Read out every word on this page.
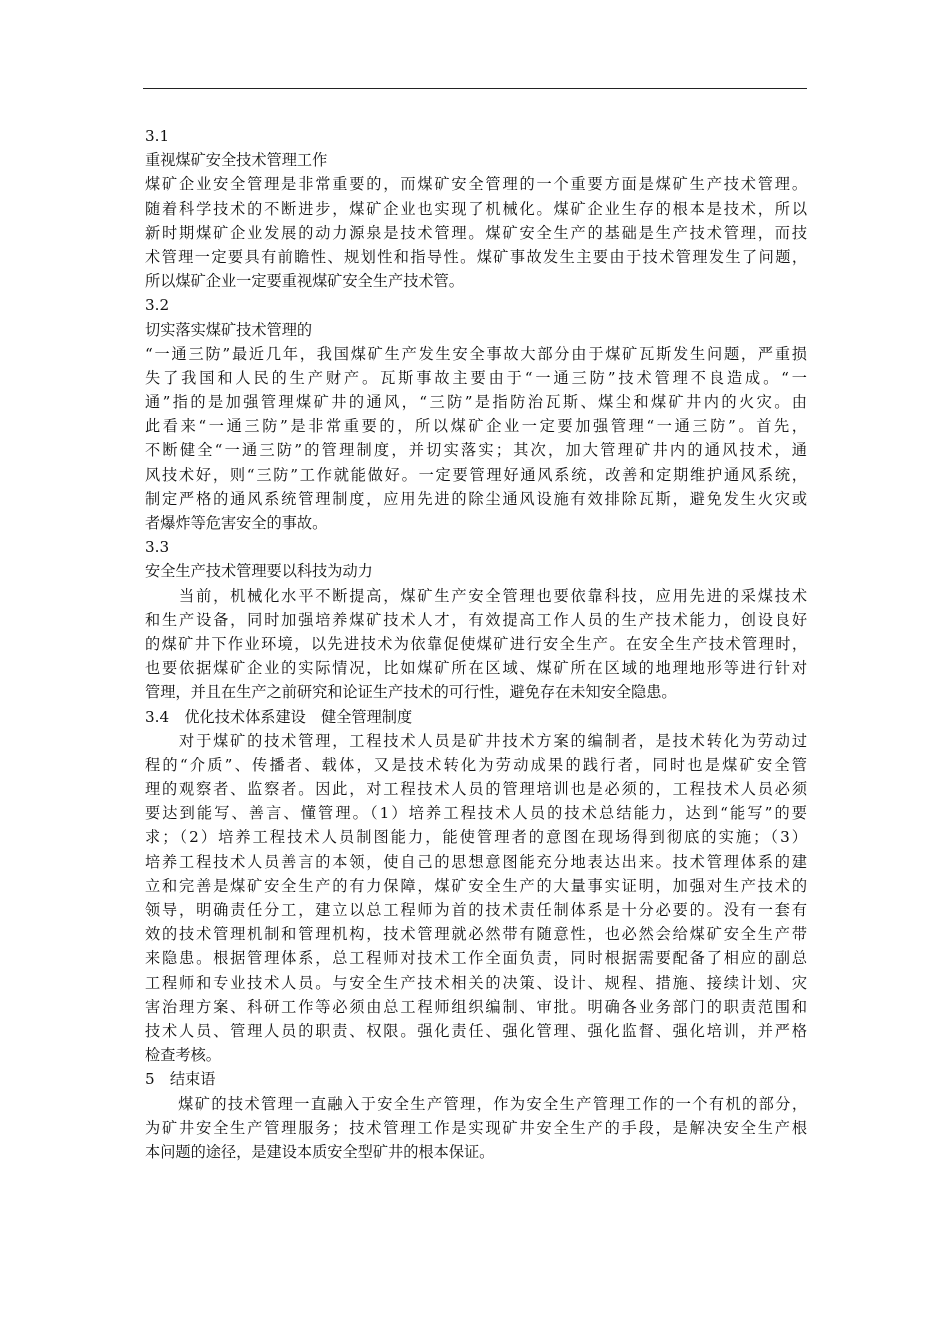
3.1
重视煤矿安全技术管理工作
煤矿企业安全管理是非常重要的，而煤矿安全管理的一个重要方面是煤矿生产技术管理。
随着科学技术的不断进步，煤矿企业也实现了机械化。煤矿企业生存的根本是技术，所以
新时期煤矿企业发展的动力源泉是技术管理。煤矿安全生产的基础是生产技术管理，而技
术管理一定要具有前瞻性、规划性和指导性。煤矿事故发生主要由于技术管理发生了问题，
所以煤矿企业一定要重视煤矿安全生产技术管。
3.2
切实落实煤矿技术管理的
“一通三防”最近几年，我国煤矿生产发生安全事故大部分由于煤矿瓦斯发生问题，严重损
失了我国和人民的生产财产。瓦斯事故主要由于“一通三防”技术管理不良造成。“一
通”指的是加强管理煤矿井的通风，“三防”是指防治瓦斯、煤尘和煤矿井内的火灾。由
此看来“一通三防”是非常重要的，所以煤矿企业一定要加强管理“一通三防”。首先，
不断健全“一通三防”的管理制度，并切实落实；其次，加大管理矿井内的通风技术，通
风技术好，则“三防”工作就能做好。一定要管理好通风系统，改善和定期维护通风系统，
制定严格的通风系统管理制度，应用先进的除尘通风设施有效排除瓦斯，避免发生火灾或
者爆炸等危害安全的事故。
3.3
安全生产技术管理要以科技为动力
　　当前，机械化水平不断提高，煤矿生产安全管理也要依靠科技，应用先进的采煤技术
和生产设备，同时加强培养煤矿技术人才，有效提高工作人员的生产技术能力，创设良好
的煤矿井下作业环境，以先进技术为依靠促使煤矿进行安全生产。在安全生产技术管理时，
也要依据煤矿企业的实际情况，比如煤矿所在区域、煤矿所在区域的地理地形等进行针对
管理，并且在生产之前研究和论证生产技术的可行性，避免存在未知安全隐患。
3.4　优化技术体系建设　健全管理制度
　　对于煤矿的技术管理，工程技术人员是矿井技术方案的编制者，是技术转化为劳动过
程的“介质”、传播者、载体，又是技术转化为劳动成果的践行者，同时也是煤矿安全管
理的观察者、监察者。因此，对工程技术人员的管理培训也是必须的，工程技术人员必须
要达到能写、善言、懂管理。（1）培养工程技术人员的技术总结能力，达到“能写”的要
求；（2）培养工程技术人员制图能力，能使管理者的意图在现场得到彻底的实施；（3）
培养工程技术人员善言的本领，使自己的思想意图能充分地表达出来。技术管理体系的建
立和完善是煤矿安全生产的有力保障，煤矿安全生产的大量事实证明，加强对生产技术的
领导，明确责任分工，建立以总工程师为首的技术责任制体系是十分必要的。没有一套有
效的技术管理机制和管理机构，技术管理就必然带有随意性，也必然会给煤矿安全生产带
来隐患。根据管理体系，总工程师对技术工作全面负责，同时根据需要配备了相应的副总
工程师和专业技术人员。与安全生产技术相关的决策、设计、规程、措施、接续计划、灾
害治理方案、科研工作等必须由总工程师组织编制、审批。明确各业务部门的职责范围和
技术人员、管理人员的职责、权限。强化责任、强化管理、强化监督、强化培训，并严格
检查考核。
5　结束语
　　煤矿的技术管理一直融入于安全生产管理，作为安全生产管理工作的一个有机的部分，
为矿井安全生产管理服务；技术管理工作是实现矿井安全生产的手段，是解决安全生产根
本问题的途径，是建设本质安全型矿井的根本保证。
